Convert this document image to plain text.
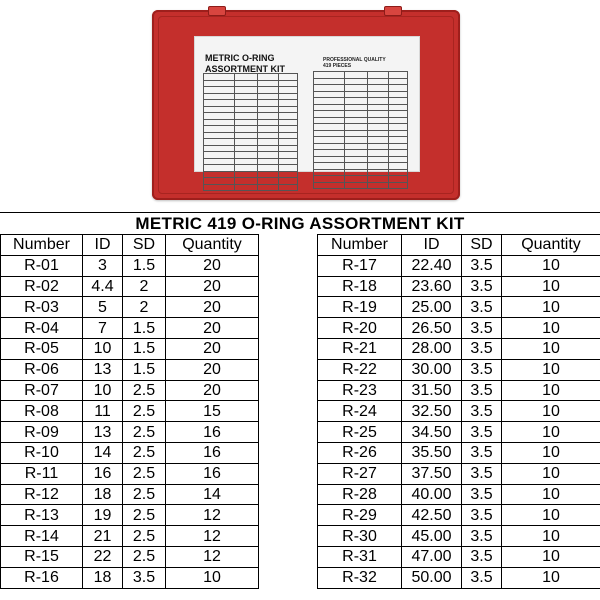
METRIC O-RING
ASSORTMENT KIT
PROFESSIONAL QUALITY
419 PIECES

METRIC 419 O-RING ASSORTMENT KIT
Number	ID	SD	Quantity
R-01	3	1.5	20
R-02	4.4	2	20
R-03	5	2	20
R-04	7	1.5	20
R-05	10	1.5	20
R-06	13	1.5	20
R-07	10	2.5	20
R-08	11	2.5	15
R-09	13	2.5	16
R-10	14	2.5	16
R-11	16	2.5	16
R-12	18	2.5	14
R-13	19	2.5	12
R-14	21	2.5	12
R-15	22	2.5	12
R-16	18	3.5	10
Number	ID	SD	Quantity
R-17	22.40	3.5	10
R-18	23.60	3.5	10
R-19	25.00	3.5	10
R-20	26.50	3.5	10
R-21	28.00	3.5	10
R-22	30.00	3.5	10
R-23	31.50	3.5	10
R-24	32.50	3.5	10
R-25	34.50	3.5	10
R-26	35.50	3.5	10
R-27	37.50	3.5	10
R-28	40.00	3.5	10
R-29	42.50	3.5	10
R-30	45.00	3.5	10
R-31	47.00	3.5	10
R-32	50.00	3.5	10
